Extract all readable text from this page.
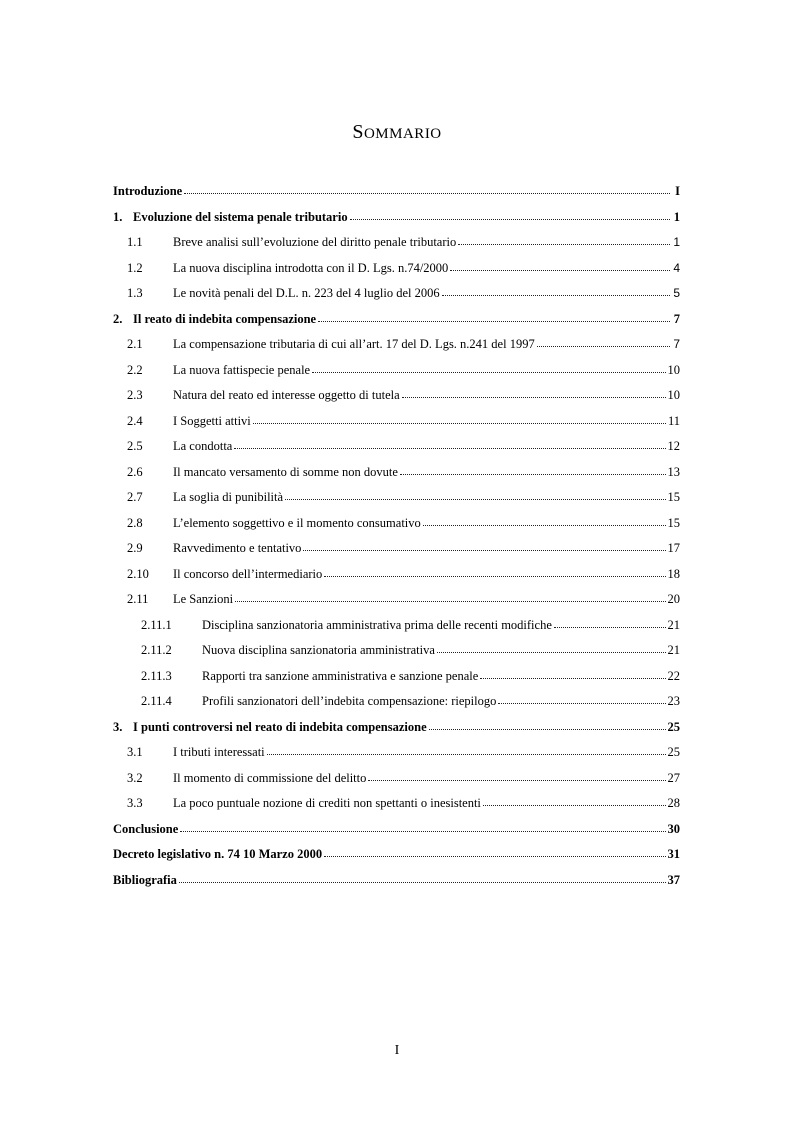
SOMMARIO
Introduzione	I
1. Evoluzione del sistema penale tributario	1
1.1	Breve analisi sull’evoluzione del diritto penale tributario	1
1.2	La nuova disciplina introdotta con il D. Lgs. n.74/2000	4
1.3	Le novità penali del D.L. n. 223 del 4 luglio del 2006	5
2. Il reato di indebita compensazione	7
2.1	La compensazione tributaria di cui all’art. 17 del D. Lgs. n.241 del 1997	7
2.2	La nuova fattispecie penale	10
2.3	Natura del reato ed interesse oggetto di tutela	10
2.4	I Soggetti attivi	11
2.5	La condotta	12
2.6	Il mancato versamento di somme non dovute	13
2.7	La soglia di punibilità	15
2.8	L’elemento soggettivo e il momento consumativo	15
2.9	Ravvedimento e tentativo	17
2.10	Il concorso dell’intermediario	18
2.11	Le Sanzioni	20
2.11.1	Disciplina sanzionatoria amministrativa prima delle recenti modifiche	21
2.11.2	Nuova disciplina sanzionatoria amministrativa	21
2.11.3	Rapporti tra sanzione amministrativa e sanzione penale	22
2.11.4	Profili sanzionatori dell’indebita compensazione: riepilogo	23
3. I punti controversi nel reato di indebita compensazione	25
3.1	I tributi interessati	25
3.2	Il momento di commissione del delitto	27
3.3	La poco puntuale nozione di crediti non spettanti o inesistenti	28
Conclusione	30
Decreto legislativo n. 74 10 Marzo 2000	31
Bibliografia	37
I
